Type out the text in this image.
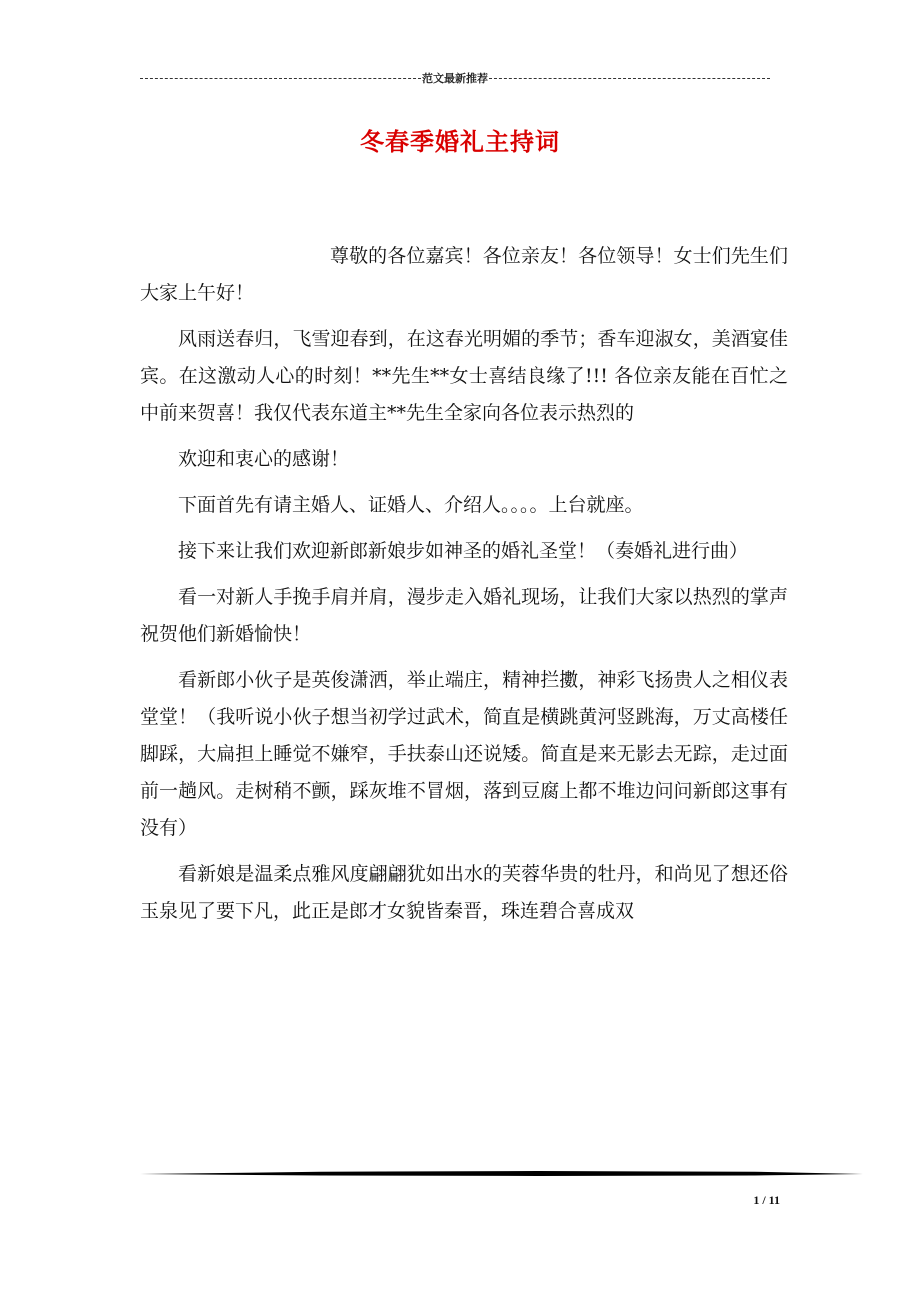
范文最新推荐
冬春季婚礼主持词

尊敬的各位嘉宾！各位亲友！各位领导！女士们先生们大家上午好！

风雨送春归，飞雪迎春到，在这春光明媚的季节；香车迎淑女，美酒宴佳宾。在这激动人心的时刻！**先生**女士喜结良缘了!!! 各位亲友能在百忙之中前来贺喜！我仅代表东道主**先生全家向各位表示热烈的

欢迎和衷心的感谢！

下面首先有请主婚人、证婚人、介绍人。。。。上台就座。

接下来让我们欢迎新郎新娘步如神圣的婚礼圣堂！（奏婚礼进行曲）

看一对新人手挽手肩并肩，漫步走入婚礼现场，让我们大家以热烈的掌声祝贺他们新婚愉快！

看新郎小伙子是英俊潇洒，举止端庄，精神拦擻，神彩飞扬贵人之相仪表堂堂！（我听说小伙子想当初学过武术，简直是横跳黄河竖跳海，万丈高楼任脚踩，大扁担上睡觉不嫌窄，手扶泰山还说矮。简直是来无影去无踪，走过面前一趟风。走树稍不颤，踩灰堆不冒烟，落到豆腐上都不堆边问问新郎这事有没有）

看新娘是温柔点雅风度翩翩犹如出水的芙蓉华贵的牡丹，和尚见了想还俗玉泉见了要下凡，此正是郎才女貌皆秦晋，珠连碧合喜成双

1 / 11
